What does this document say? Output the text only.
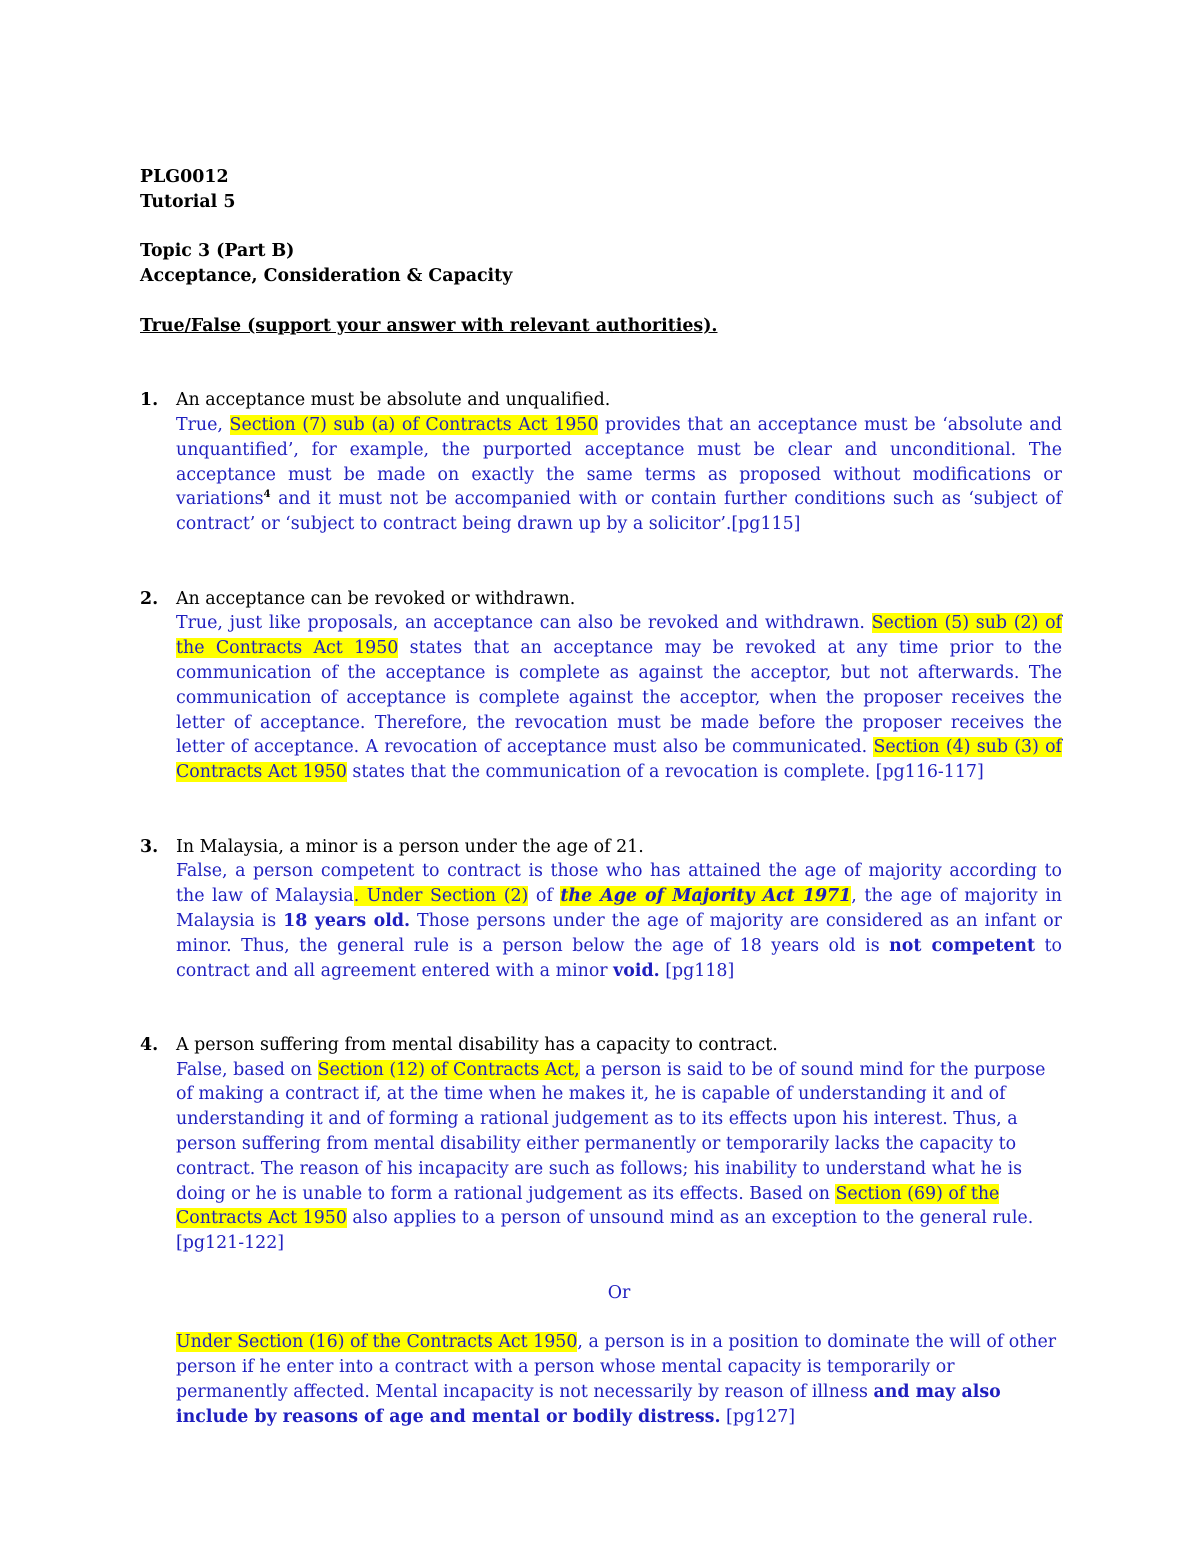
PLG0012

Tutorial 5

Topic 3 (Part B)

Acceptance, Consideration & Capacity

True/False (support your answer with relevant authorities).

1. An acceptance must be absolute and unqualified.

True, Section (7) sub (a) of Contracts Act 1950 provides that an acceptance must be ‘absolute and unquantified’, for example, the purported acceptance must be clear and unconditional. The acceptance must be made on exactly the same terms as proposed without modifications or variations$^4$ and it must not be accompanied with or contain further conditions such as ‘subject of contract’ or ‘subject to contract being drawn up by a solicitor’.[pg115]

2. An acceptance can be revoked or withdrawn.

True, just like proposals, an acceptance can also be revoked and withdrawn. Section (5) sub (2) of the Contracts Act 1950 states that an acceptance may be revoked at any time prior to the communication of the acceptance is complete as against the acceptor, but not afterwards. The communication of acceptance is complete against the acceptor, when the proposer receives the letter of acceptance. Therefore, the revocation must be made before the proposer receives the letter of acceptance. A revocation of acceptance must also be communicated. Section (4) sub (3) of Contracts Act 1950 states that the communication of a revocation is complete. [pg116-117]

3. In Malaysia, a minor is a person under the age of 21.

False, a person competent to contract is those who has attained the age of majority according to the law of Malaysia. Under Section (2) of the Age of Majority Act 1971, the age of majority in Malaysia is 18 years old. Those persons under the age of majority are considered as an infant or minor. Thus, the general rule is a person below the age of 18 years old is not competent to contract and all agreement entered with a minor void. [pg118]

4. A person suffering from mental disability has a capacity to contract.

False, based on Section (12) of Contracts Act, a person is said to be of sound mind for the purpose of making a contract if, at the time when he makes it, he is capable of understanding it and of understanding it and of forming a rational judgement as to its effects upon his interest. Thus, a person suffering from mental disability either permanently or temporarily lacks the capacity to contract. The reason of his incapacity are such as follows; his inability to understand what he is doing or he is unable to form a rational judgement as its effects. Based on Section (69) of the Contracts Act 1950 also applies to a person of unsound mind as an exception to the general rule. [pg121-122]

Or

Under Section (16) of the Contracts Act 1950, a person is in a position to dominate the will of other person if he enter into a contract with a person whose mental capacity is temporarily or permanently affected. Mental incapacity is not necessarily by reason of illness and may also include by reasons of age and mental or bodily distress. [pg127]
